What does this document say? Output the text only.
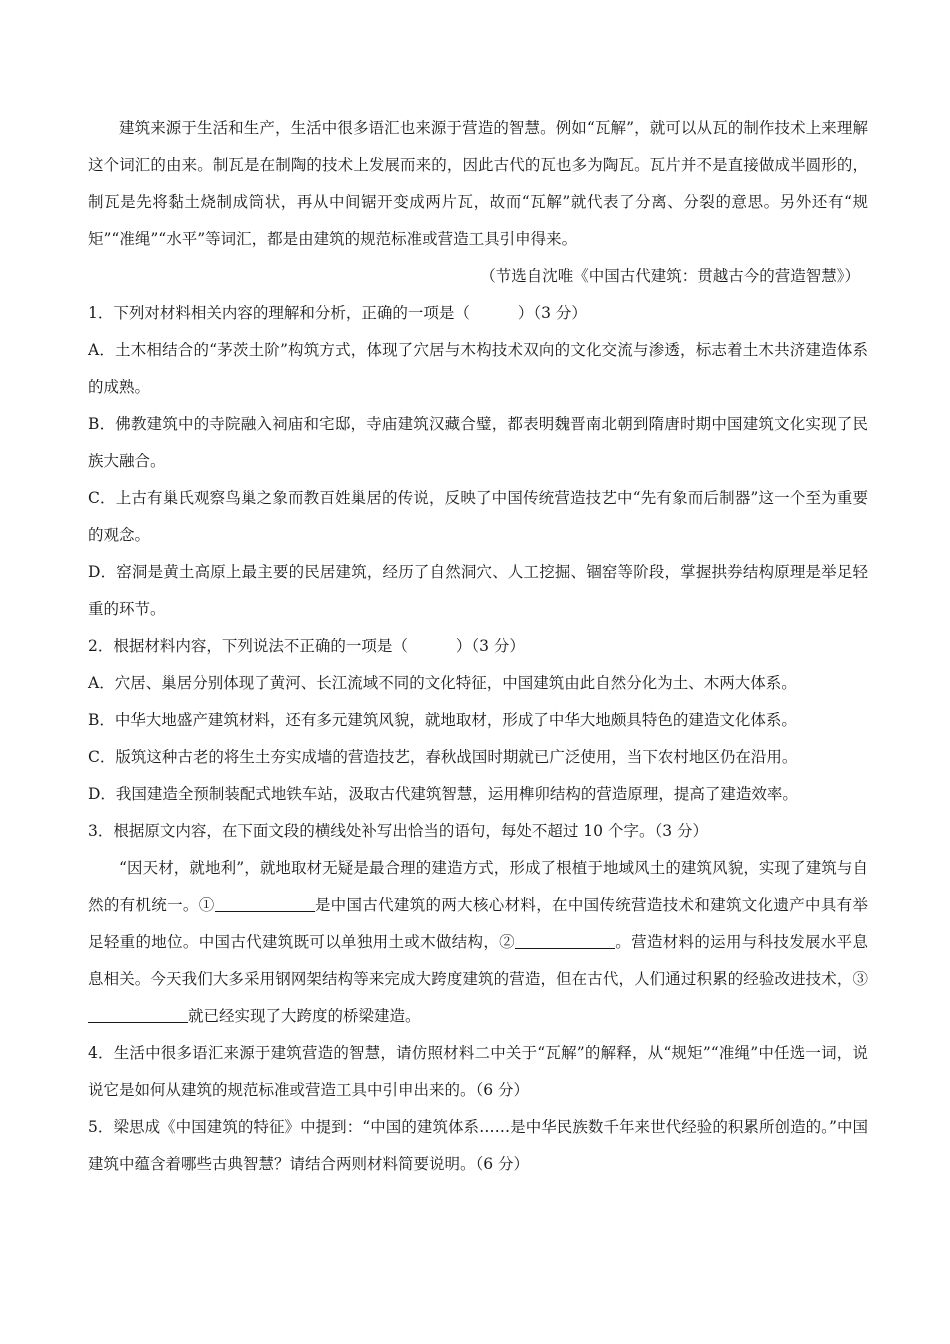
建筑来源于生活和生产，生活中很多语汇也来源于营造的智慧。例如“瓦解”，就可以从瓦的制作技术上来理解这个词汇的由来。制瓦是在制陶的技术上发展而来的，因此古代的瓦也多为陶瓦。瓦片并不是直接做成半圆形的，制瓦是先将黏土烧制成筒状，再从中间锯开变成两片瓦，故而“瓦解”就代表了分离、分裂的意思。另外还有“规矩”“准绳”“水平”等词汇，都是由建筑的规范标准或营造工具引申得来。

（节选自沈唯《中国古代建筑：贯越古今的营造智慧》）

1．下列对材料相关内容的理解和分析，正确的一项是（	）（3 分）

A．土木相结合的“茅茨土阶”构筑方式，体现了穴居与木构技术双向的文化交流与渗透，标志着土木共济建造体系的成熟。

B．佛教建筑中的寺院融入祠庙和宅邸，寺庙建筑汉藏合璧，都表明魏晋南北朝到隋唐时期中国建筑文化实现了民族大融合。

C．上古有巢氏观察鸟巢之象而教百姓巢居的传说，反映了中国传统营造技艺中“先有象而后制器”这一个至为重要的观念。

D．窑洞是黄土高原上最主要的民居建筑，经历了自然洞穴、人工挖掘、锢窑等阶段，掌握拱券结构原理是举足轻重的环节。

2．根据材料内容，下列说法不正确的一项是（	）（3 分）

A．穴居、巢居分别体现了黄河、长江流域不同的文化特征，中国建筑由此自然分化为土、木两大体系。

B．中华大地盛产建筑材料，还有多元建筑风貌，就地取材，形成了中华大地颇具特色的建造文化体系。

C．版筑这种古老的将生土夯实成墙的营造技艺，春秋战国时期就已广泛使用，当下农村地区仍在沿用。

D．我国建造全预制装配式地铁车站，汲取古代建筑智慧，运用榫卯结构的营造原理，提高了建造效率。

3．根据原文内容，在下面文段的横线处补写出恰当的语句，每处不超过 10 个字。（3 分）

“因天材，就地利”，就地取材无疑是最合理的建造方式，形成了根植于地域风土的建筑风貌，实现了建筑与自然的有机统一。①	是中国古代建筑的两大核心材料，在中国传统营造技术和建筑文化遗产中具有举足轻重的地位。中国古代建筑既可以单独用土或木做结构，②	。营造材料的运用与科技发展水平息息相关。今天我们大多采用钢网架结构等来完成大跨度建筑的营造，但在古代，人们通过积累的经验改进技术，③就已经实现了大跨度的桥梁建造。

4．生活中很多语汇来源于建筑营造的智慧，请仿照材料二中关于“瓦解”的解释，从“规矩”“准绳”中任选一词，说说它是如何从建筑的规范标准或营造工具中引申出来的。（6 分）

5．梁思成《中国建筑的特征》中提到：“中国的建筑体系……是中华民族数千年来世代经验的积累所创造的。”中国建筑中蕴含着哪些古典智慧？请结合两则材料简要说明。（6 分）
